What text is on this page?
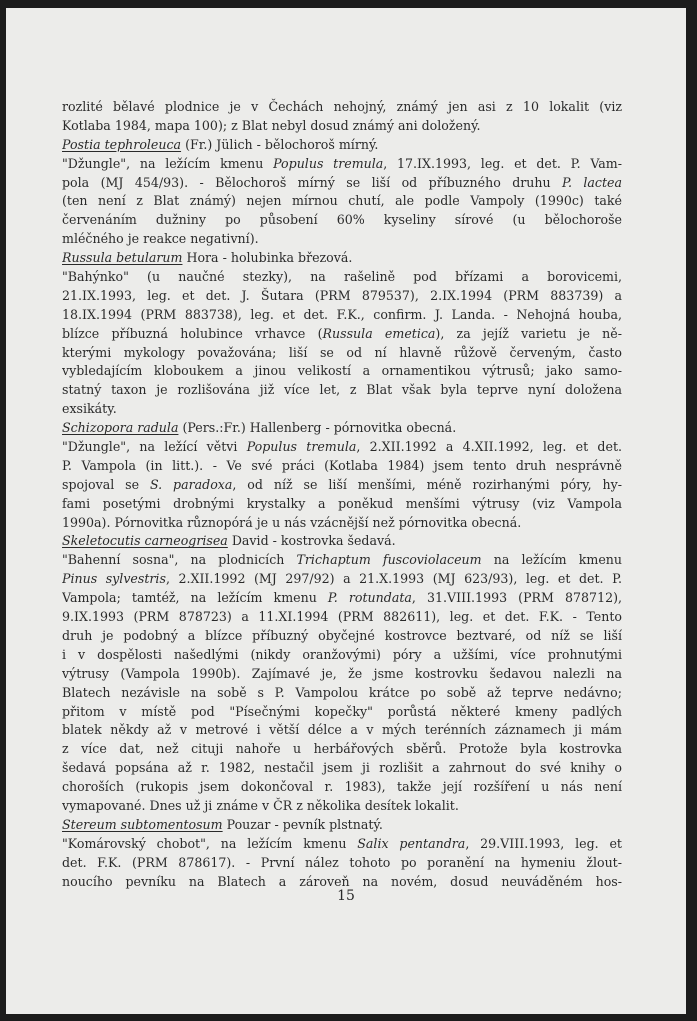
rozlité bělavé plodnice je v Čechách nehojný, známý jen asi z 10 lokalit (viz
Kotlaba 1984, mapa 100); z Blat nebyl dosud známý ani doložený.
Postia tephroleuca (Fr.) Jülich - bělochoroš mírný.
"Džungle", na ležícím kmenu Populus tremula, 17.IX.1993, leg. et det. P. Vam-
pola (MJ 454/93). - Bělochoroš mírný se liší od příbuzného druhu P. lactea
(ten není z Blat známý) nejen mírnou chutí, ale podle Vampoly (1990c) také
červenáním dužniny po působení 60% kyseliny sírové (u bělochoroše
mléčného je reakce negativní).
Russula betularum Hora - holubinka březová.
"Bahýnko" (u naučné stezky), na rašelině pod břízami a borovicemi,
21.IX.1993, leg. et det. J. Šutara (PRM 879537), 2.IX.1994 (PRM 883739) a
18.IX.1994 (PRM 883738), leg. et det. F.K., confirm. J. Landa. - Nehojná houba,
blízce příbuzná holubince vrhavce (Russula emetica), za jejíž varietu je ně-
kterými mykology považována; liší se od ní hlavně růžově červeným, často
vybledajícím kloboukem a jinou velikostí a ornamentikou výtrusů; jako samo-
statný taxon je rozlišována již více let, z Blat však byla teprve nyní doložena
exsikáty.
Schizopora radula (Pers.:Fr.) Hallenberg - pórnovitka obecná.
"Džungle", na ležící větvi Populus tremula, 2.XII.1992 a 4.XII.1992, leg. et det.
P. Vampola (in litt.). - Ve své práci (Kotlaba 1984) jsem tento druh nesprávně
spojoval se S. paradoxa, od níž se liší menšími, méně rozirhanými póry, hy-
fami posetými drobnými krystalky a poněkud menšími výtrusy (viz Vampola
1990a). Pórnovitka různopórá je u nás vzácnější než pórnovitka obecná.
Skeletocutis carneogrisea David - kostrovka šedavá.
"Bahenní sosna", na plodnicích Trichaptum fuscoviolaceum na ležícím kmenu
Pinus sylvestris, 2.XII.1992 (MJ 297/92) a 21.X.1993 (MJ 623/93), leg. et det. P.
Vampola; tamtéž, na ležícím kmenu P. rotundata, 31.VIII.1993 (PRM 878712),
9.IX.1993 (PRM 878723) a 11.XI.1994 (PRM 882611), leg. et det. F.K. - Tento
druh je podobný a blízce příbuzný obyčejné kostrovce beztvaré, od níž se liší
i v dospělosti našedlými (nikdy oranžovými) póry a užšími, více prohnutými
výtrusy (Vampola 1990b). Zajímavé je, že jsme kostrovku šedavou nalezli na
Blatech nezávisle na sobě s P. Vampolou krátce po sobě až teprve nedávno;
přitom v místě pod "Písečnými kopečky" porůstá některé kmeny padlých
blatek někdy až v metrové i větší délce a v mých terénních záznamech ji mám
z více dat, než cituji nahoře u herbářových sběrů. Protože byla kostrovka
šedavá popsána až r. 1982, nestačil jsem ji rozlišit a zahrnout do své knihy o
choroších (rukopis jsem dokončoval r. 1983), takže její rozšíření u nás není
vymapované. Dnes už ji známe v ČR z několika desítek lokalit.
Stereum subtomentosum Pouzar - pevník plstnatý.
"Komárovský chobot", na ležícím kmenu Salix pentandra, 29.VIII.1993, leg. et
det. F.K. (PRM 878617). - První nález tohoto po poranění na hymeniu žlout-
noucího pevníku na Blatech a zároveň na novém, dosud neuváděném hos-
15
